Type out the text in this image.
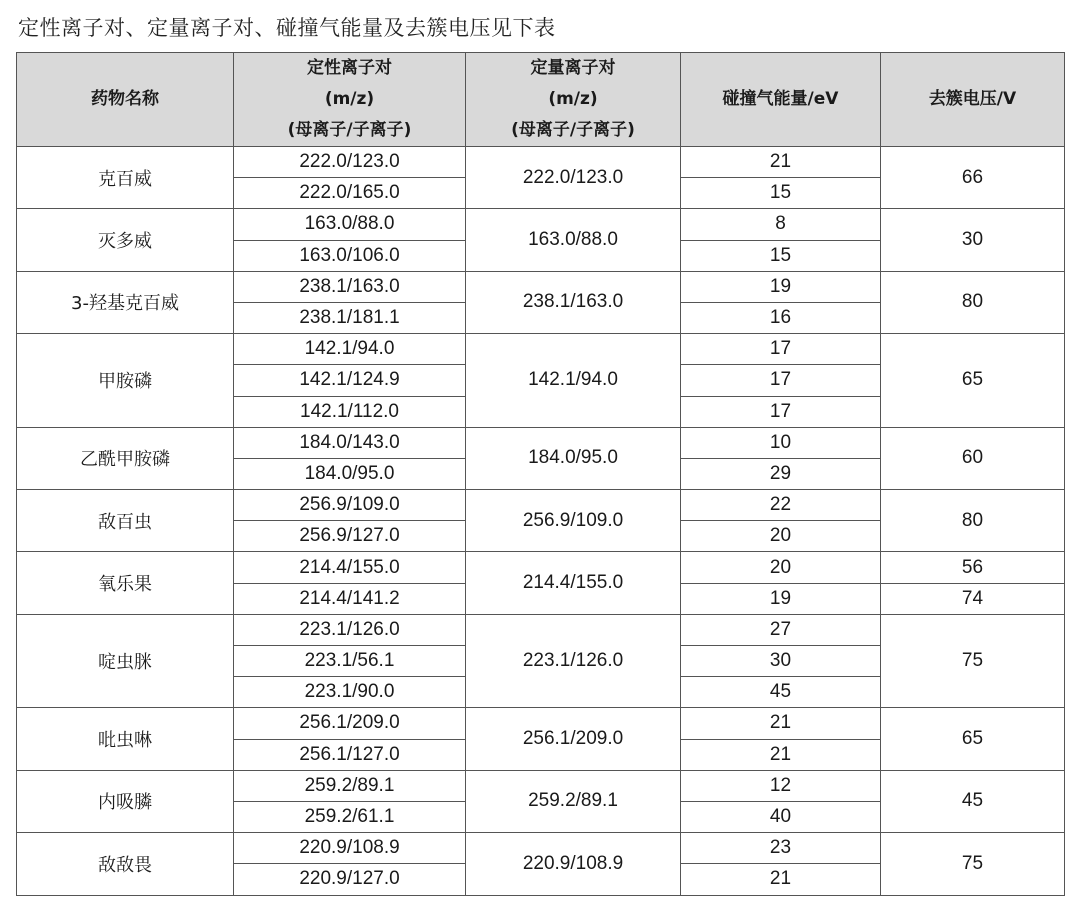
定性离子对、定量离子对、碰撞气能量及去簇电压见下表
药物名称	定性离子对
(m/z)
(母离子/子离子)	定量离子对
(m/z)
(母离子/子离子)	碰撞气能量/eV	去簇电压/V
克百威	222.0/123.0	222.0/123.0	21	66
	222.0/165.0		15	
灭多威	163.0/88.0	163.0/88.0	8	30
	163.0/106.0		15	
3-羟基克百威	238.1/163.0	238.1/163.0	19	80
	238.1/181.1		16	
甲胺磷	142.1/94.0	142.1/94.0	17	65
	142.1/124.9		17	
	142.1/112.0		17	
乙酰甲胺磷	184.0/143.0	184.0/95.0	10	60
	184.0/95.0		29	
敌百虫	256.9/109.0	256.9/109.0	22	80
	256.9/127.0		20	
氧乐果	214.4/155.0	214.4/155.0	20	56
	214.4/141.2		19	74
啶虫脒	223.1/126.0	223.1/126.0	27	75
	223.1/56.1		30	
	223.1/90.0		45	
吡虫啉	256.1/209.0	256.1/209.0	21	65
	256.1/127.0		21	
内吸膦	259.2/89.1	259.2/89.1	12	45
	259.2/61.1		40	
敌敌畏	220.9/108.9	220.9/108.9	23	75
	220.9/127.0		21	
